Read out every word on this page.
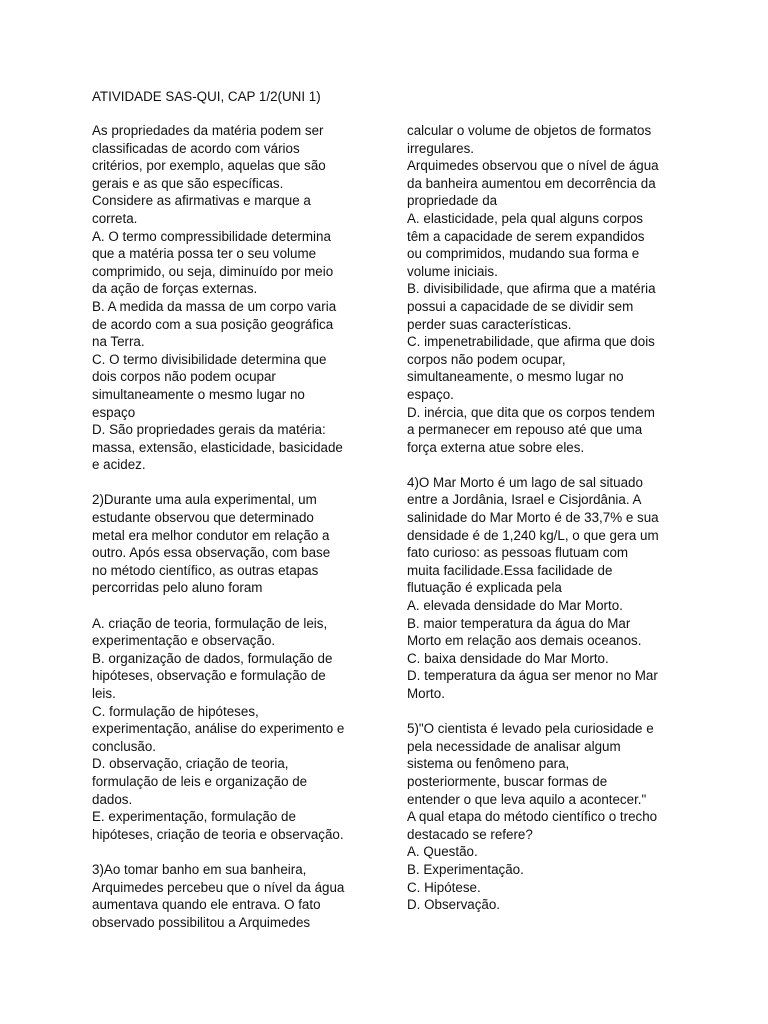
ATIVIDADE SAS-QUI, CAP 1/2(UNI 1)
As propriedades da matéria podem ser
classificadas de acordo com vários
critérios, por exemplo, aquelas que são
gerais e as que são específicas.
Considere as afirmativas e marque a
correta.
A. O termo compressibilidade determina
que a matéria possa ter o seu volume
comprimido, ou seja, diminuído por meio
da ação de forças externas.
B. A medida da massa de um corpo varia
de acordo com a sua posição geográfica
na Terra.
C. O termo divisibilidade determina que
dois corpos não podem ocupar
simultaneamente o mesmo lugar no
espaço
D. São propriedades gerais da matéria:
massa, extensão, elasticidade, basicidade
e acidez.
2)Durante uma aula experimental, um
estudante observou que determinado
metal era melhor condutor em relação a
outro. Após essa observação, com base
no método científico, as outras etapas
percorridas pelo aluno foram
A. criação de teoria, formulação de leis,
experimentação e observação.
B. organização de dados, formulação de
hipóteses, observação e formulação de
leis.
C. formulação de hipóteses,
experimentação, análise do experimento e
conclusão.
D. observação, criação de teoria,
formulação de leis e organização de
dados.
E. experimentação, formulação de
hipóteses, criação de teoria e observação.
3)Ao tomar banho em sua banheira,
Arquimedes percebeu que o nível da água
aumentava quando ele entrava. O fato
observado possibilitou a Arquimedes
calcular o volume de objetos de formatos
irregulares.
Arquimedes observou que o nível de água
da banheira aumentou em decorrência da
propriedade da
A. elasticidade, pela qual alguns corpos
têm a capacidade de serem expandidos
ou comprimidos, mudando sua forma e
volume iniciais.
B. divisibilidade, que afirma que a matéria
possui a capacidade de se dividir sem
perder suas características.
C. impenetrabilidade, que afirma que dois
corpos não podem ocupar,
simultaneamente, o mesmo lugar no
espaço.
D. inércia, que dita que os corpos tendem
a permanecer em repouso até que uma
força externa atue sobre eles.
4)O Mar Morto é um lago de sal situado
entre a Jordânia, Israel e Cisjordânia. A
salinidade do Mar Morto é de 33,7% e sua
densidade é de 1,240 kg/L, o que gera um
fato curioso: as pessoas flutuam com
muita facilidade.Essa facilidade de
flutuação é explicada pela
A. elevada densidade do Mar Morto.
B. maior temperatura da água do Mar
Morto em relação aos demais oceanos.
C. baixa densidade do Mar Morto.
D. temperatura da água ser menor no Mar
Morto.
5)"O cientista é levado pela curiosidade e
pela necessidade de analisar algum
sistema ou fenômeno para,
posteriormente, buscar formas de
entender o que leva aquilo a acontecer."
A qual etapa do método científico o trecho
destacado se refere?
A. Questão.
B. Experimentação.
C. Hipótese.
D. Observação.
